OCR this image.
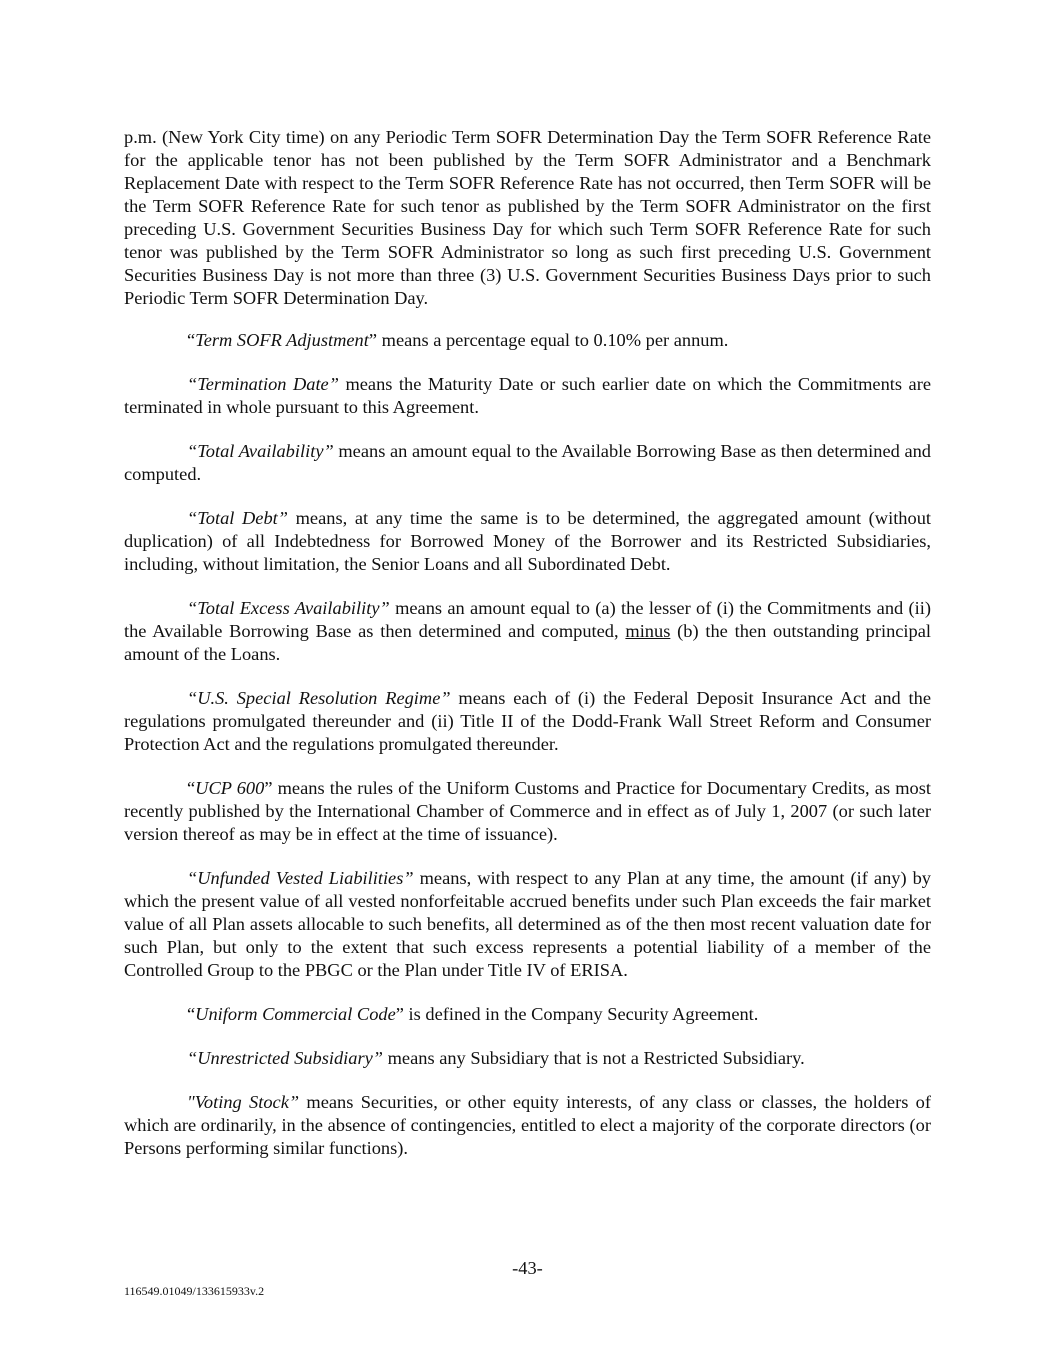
p.m. (New York City time) on any Periodic Term SOFR Determination Day the Term SOFR Reference Rate for the applicable tenor has not been published by the Term SOFR Administrator and a Benchmark Replacement Date with respect to the Term SOFR Reference Rate has not occurred, then Term SOFR will be the Term SOFR Reference Rate for such tenor as published by the Term SOFR Administrator on the first preceding U.S. Government Securities Business Day for which such Term SOFR Reference Rate for such tenor was published by the Term SOFR Administrator so long as such first preceding U.S. Government Securities Business Day is not more than three (3) U.S. Government Securities Business Days prior to such Periodic Term SOFR Determination Day.

“Term SOFR Adjustment” means a percentage equal to 0.10% per annum.

“Termination Date” means the Maturity Date or such earlier date on which the Commitments are terminated in whole pursuant to this Agreement.

“Total Availability” means an amount equal to the Available Borrowing Base as then determined and computed.

“Total Debt” means, at any time the same is to be determined, the aggregated amount (without duplication) of all Indebtedness for Borrowed Money of the Borrower and its Restricted Subsidiaries, including, without limitation, the Senior Loans and all Subordinated Debt.

“Total Excess Availability” means an amount equal to (a) the lesser of (i) the Commitments and (ii) the Available Borrowing Base as then determined and computed, minus (b) the then outstanding principal amount of the Loans.

“U.S. Special Resolution Regime” means each of (i) the Federal Deposit Insurance Act and the regulations promulgated thereunder and (ii) Title II of the Dodd-Frank Wall Street Reform and Consumer Protection Act and the regulations promulgated thereunder.

“UCP 600” means the rules of the Uniform Customs and Practice for Documentary Credits, as most recently published by the International Chamber of Commerce and in effect as of July 1, 2007 (or such later version thereof as may be in effect at the time of issuance).

“Unfunded Vested Liabilities” means, with respect to any Plan at any time, the amount (if any) by which the present value of all vested nonforfeitable accrued benefits under such Plan exceeds the fair market value of all Plan assets allocable to such benefits, all determined as of the then most recent valuation date for such Plan, but only to the extent that such excess represents a potential liability of a member of the Controlled Group to the PBGC or the Plan under Title IV of ERISA.

“Uniform Commercial Code” is defined in the Company Security Agreement.

“Unrestricted Subsidiary” means any Subsidiary that is not a Restricted Subsidiary.

"Voting Stock” means Securities, or other equity interests, of any class or classes, the holders of which are ordinarily, in the absence of contingencies, entitled to elect a majority of the corporate directors (or Persons performing similar functions).

-43-
116549.01049/133615933v.2
